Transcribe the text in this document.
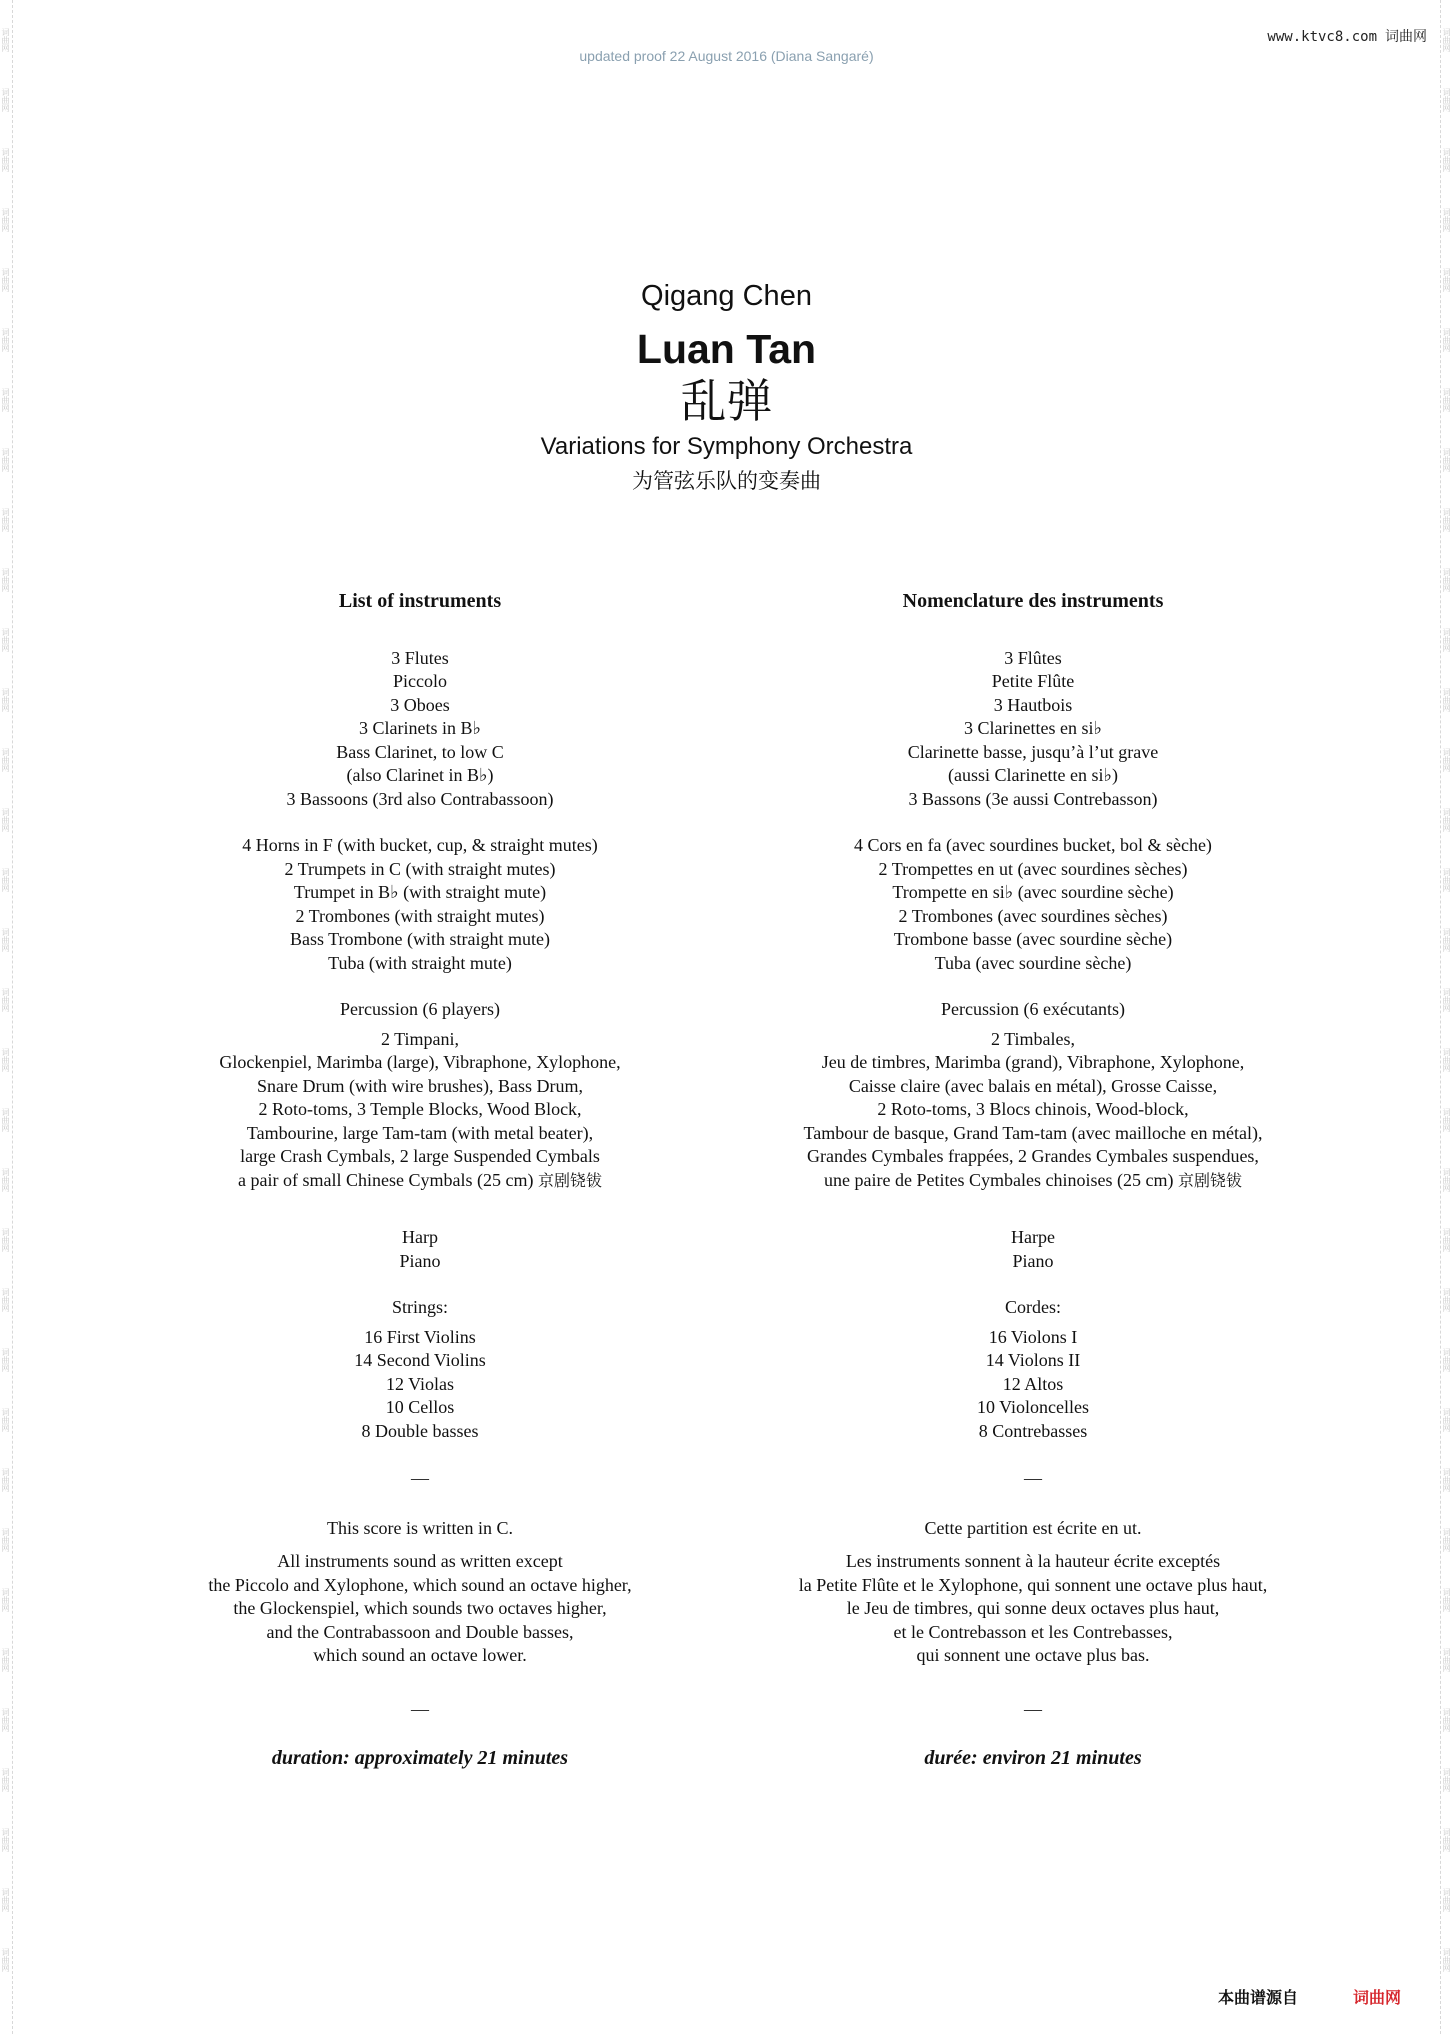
词曲网
词曲网
词曲网
词曲网
词曲网
词曲网
词曲网
词曲网
词曲网
词曲网
词曲网
词曲网
词曲网
词曲网
词曲网
词曲网
词曲网
词曲网
词曲网
词曲网
词曲网
词曲网
词曲网
词曲网
词曲网
词曲网
词曲网
词曲网
词曲网
词曲网
词曲网
词曲网
词曲网
词曲网
词曲网
词曲网
词曲网
词曲网
词曲网
词曲网
词曲网
词曲网
词曲网
词曲网
词曲网
词曲网
词曲网
词曲网
词曲网
词曲网
词曲网
词曲网
词曲网
词曲网
词曲网
词曲网
词曲网
词曲网
词曲网
词曲网
词曲网
词曲网
词曲网
词曲网
词曲网
词曲网
www.ktvc8.com 词曲网
updated proof 22 August 2016 (Diana Sangaré)
Qigang Chen
Luan Tan
乱弹
Variations for Symphony Orchestra
为管弦乐队的变奏曲
List of instruments
3 Flutes
Piccolo
3 Oboes
3 Clarinets in B♭
Bass Clarinet, to low C
(also Clarinet in B♭)
3 Bassoons (3rd also Contrabassoon)
4 Horns in F (with bucket, cup, & straight mutes)
2 Trumpets in C (with straight mutes)
Trumpet in B♭ (with straight mute)
2 Trombones (with straight mutes)
Bass Trombone (with straight mute)
Tuba (with straight mute)
Percussion (6 players)
2 Timpani,
Glockenpiel, Marimba (large), Vibraphone, Xylophone,
Snare Drum (with wire brushes), Bass Drum,
2 Roto-toms, 3 Temple Blocks, Wood Block,
Tambourine, large Tam-tam (with metal beater),
large Crash Cymbals, 2 large Suspended Cymbals
a pair of small Chinese Cymbals (25 cm) 京剧铙钹
Harp
Piano
Strings:
16 First Violins
14 Second Violins
12 Violas
10 Cellos
8 Double basses
—
This score is written in C.
All instruments sound as written except
the Piccolo and Xylophone, which sound an octave higher,
the Glockenspiel, which sounds two octaves higher,
and the Contrabassoon and Double basses,
which sound an octave lower.
—
duration: approximately 21 minutes
Nomenclature des instruments
3 Flûtes
Petite Flûte
3 Hautbois
3 Clarinettes en si♭
Clarinette basse, jusqu’à l’ut grave
(aussi Clarinette en si♭)
3 Bassons (3e aussi Contrebasson)
4 Cors en fa (avec sourdines bucket, bol & sèche)
2 Trompettes en ut (avec sourdines sèches)
Trompette en si♭ (avec sourdine sèche)
2 Trombones (avec sourdines sèches)
Trombone basse (avec sourdine sèche)
Tuba (avec sourdine sèche)
Percussion (6 exécutants)
2 Timbales,
Jeu de timbres, Marimba (grand), Vibraphone, Xylophone,
Caisse claire (avec balais en métal), Grosse Caisse,
2 Roto-toms, 3 Blocs chinois, Wood-block,
Tambour de basque, Grand Tam-tam (avec mailloche en métal),
Grandes Cymbales frappées, 2 Grandes Cymbales suspendues,
une paire de Petites Cymbales chinoises (25 cm) 京剧铙钹
Harpe
Piano
Cordes:
16 Violons I
14 Violons II
12 Altos
10 Violoncelles
8 Contrebasses
—
Cette partition est écrite en ut.
Les instruments sonnent à la hauteur écrite exceptés
la Petite Flûte et le Xylophone, qui sonnent une octave plus haut,
le Jeu de timbres, qui sonne deux octaves plus haut,
et le Contrebasson et les Contrebasses,
qui sonnent une octave plus bas.
—
durée: environ 21 minutes
本曲谱源自	词曲网
